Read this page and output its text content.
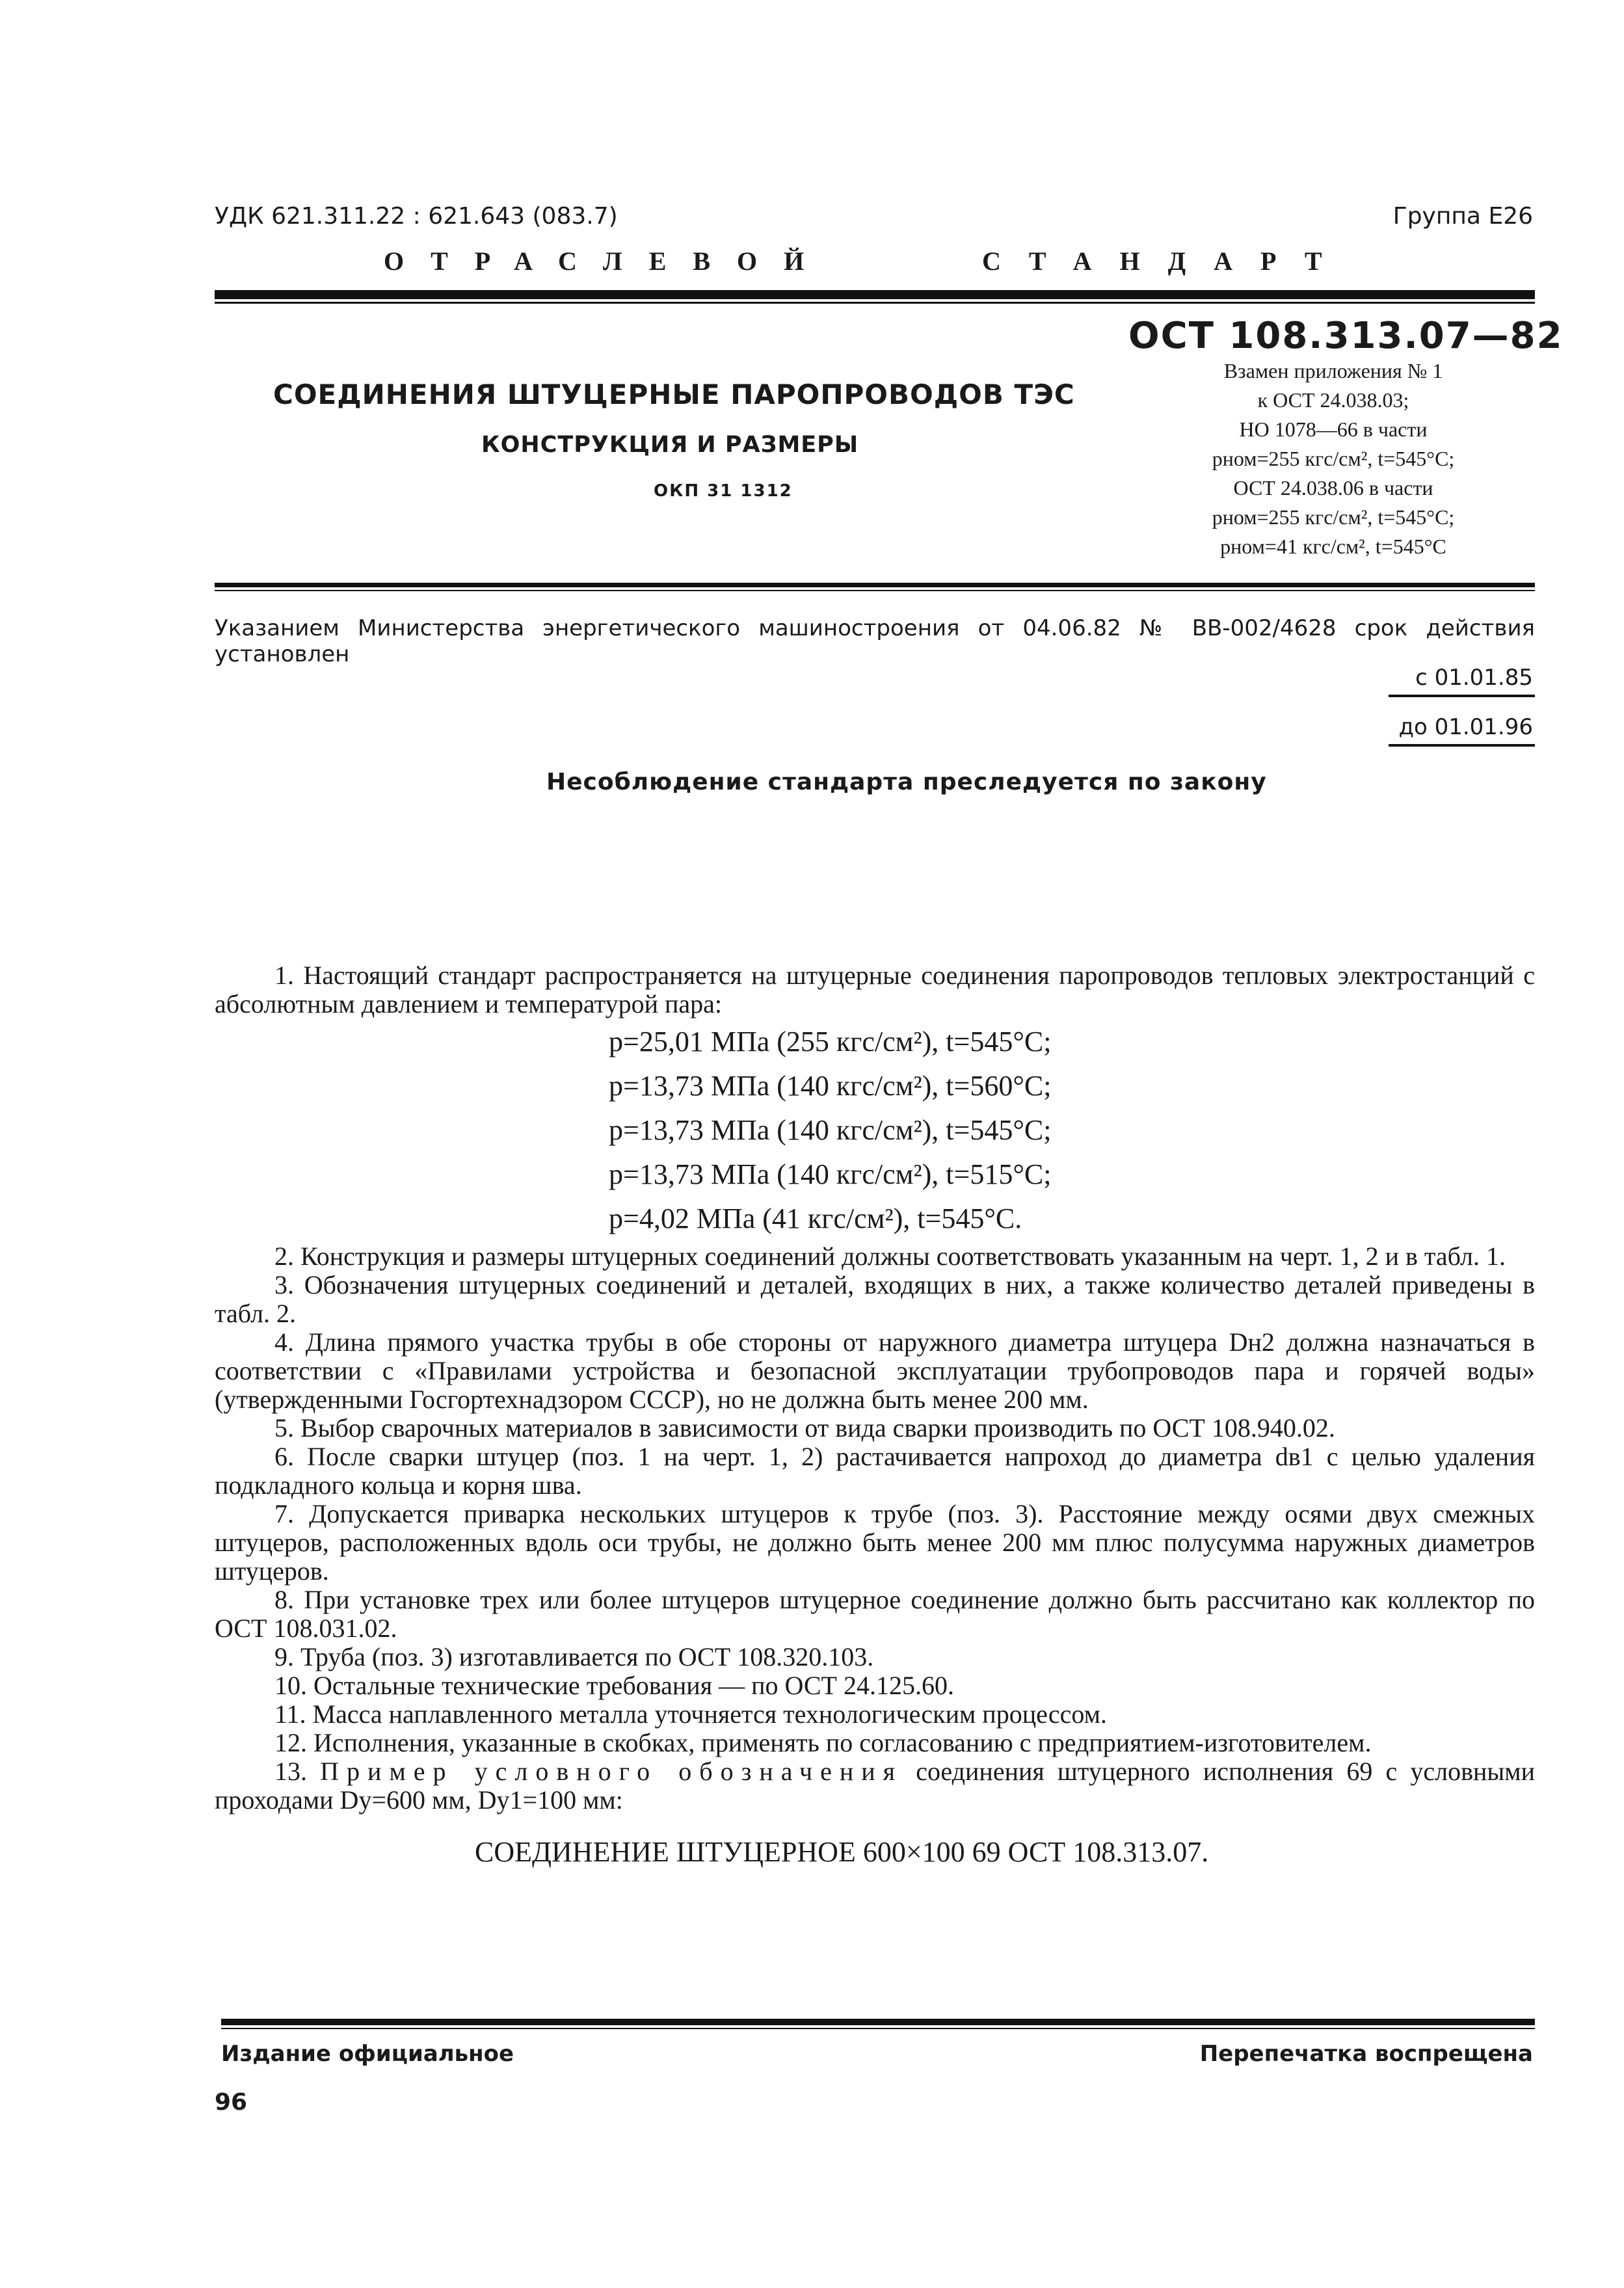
УДК 621.311.22 : 621.643 (083.7)	Группа Е26
ОТРАСЛЕВОЙ	СТАНДАРТ
ОСТ 108.313.07—82
СОЕДИНЕНИЯ ШТУЦЕРНЫЕ ПАРОПРОВОДОВ ТЭС
КОНСТРУКЦИЯ И РАЗМЕРЫ
ОКП 31 1312
Взамен приложения № 1
к ОСТ 24.038.03;
НО 1078—66 в части
pном=255 кгс/см², t=545°С;
ОСТ 24.038.06 в части
pном=255 кгс/см², t=545°С;
pном=41 кгс/см², t=545°С
Указанием Министерства энергетического машиностроения от 04.06.82 № ВВ-002/4628 срок действия установлен
с 01.01.85
до 01.01.96
Несоблюдение стандарта преследуется по закону

1. Настоящий стандарт распространяется на штуцерные соединения паропроводов тепловых электростанций с абсолютным давлением и температурой пара:

p=25,01 МПа (255 кгс/см²), t=545°С;
p=13,73 МПа (140 кгс/см²), t=560°С;
p=13,73 МПа (140 кгс/см²), t=545°С;
p=13,73 МПа (140 кгс/см²), t=515°С;
p=4,02 МПа (41 кгс/см²), t=545°С.

2. Конструкция и размеры штуцерных соединений должны соответствовать указанным на черт. 1, 2 и в табл. 1.

3. Обозначения штуцерных соединений и деталей, входящих в них, а также количество деталей приведены в табл. 2.

4. Длина прямого участка трубы в обе стороны от наружного диаметра штуцера Dн2 должна назначаться в соответствии с «Правилами устройства и безопасной эксплуатации трубопроводов пара и горячей воды» (утвержденными Госгортехнадзором СССР), но не должна быть менее 200 мм.

5. Выбор сварочных материалов в зависимости от вида сварки производить по ОСТ 108.940.02.

6. После сварки штуцер (поз. 1 на черт. 1, 2) растачивается напроход до диаметра dв1 с целью удаления подкладного кольца и корня шва.

7. Допускается приварка нескольких штуцеров к трубе (поз. 3). Расстояние между осями двух смежных штуцеров, расположенных вдоль оси трубы, не должно быть менее 200 мм плюс полусумма наружных диаметров штуцеров.

8. При установке трех или более штуцеров штуцерное соединение должно быть рассчитано как коллектор по ОСТ 108.031.02.

9. Труба (поз. 3) изготавливается по ОСТ 108.320.103.

10. Остальные технические требования — по ОСТ 24.125.60.

11. Масса наплавленного металла уточняется технологическим процессом.

12. Исполнения, указанные в скобках, применять по согласованию с предприятием-изготовителем.

13. Пример условного обозначения соединения штуцерного исполнения 69 с условными проходами Dу=600 мм, Dу1=100 мм:

СОЕДИНЕНИЕ ШТУЦЕРНОЕ 600×100 69 ОСТ 108.313.07.
Издание официальное	Перепечатка воспрещена
96
